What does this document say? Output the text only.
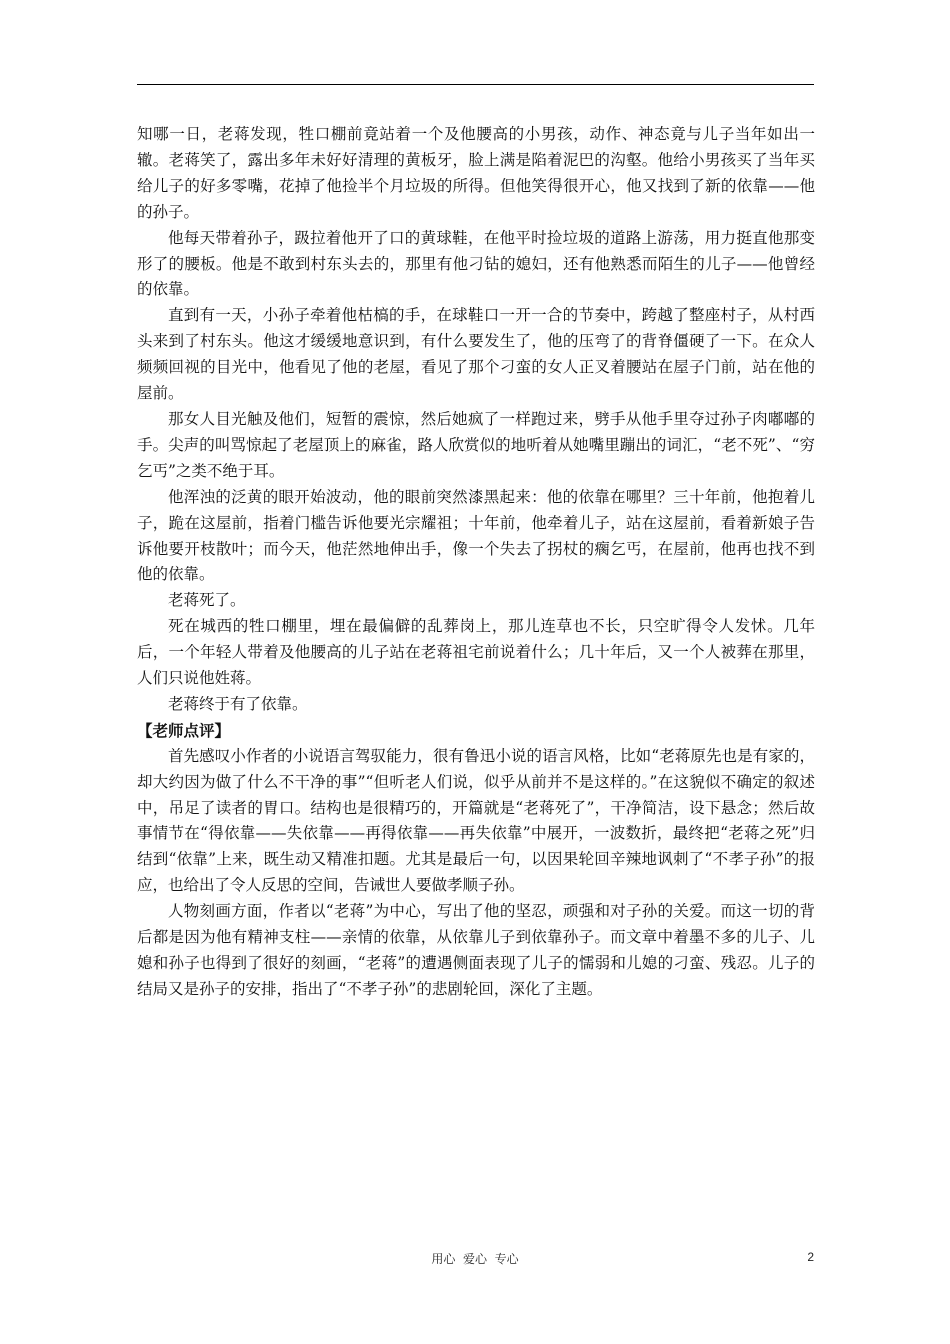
知哪一日，老蒋发现，牲口棚前竟站着一个及他腰高的小男孩，动作、神态竟与儿子当年如出一辙。老蒋笑了，露出多年未好好清理的黄板牙，脸上满是陷着泥巴的沟壑。他给小男孩买了当年买给儿子的好多零嘴，花掉了他捡半个月垃圾的所得。但他笑得很开心，他又找到了新的依靠——他的孙子。

他每天带着孙子，趿拉着他开了口的黄球鞋，在他平时捡垃圾的道路上游荡，用力挺直他那变形了的腰板。他是不敢到村东头去的，那里有他刁钻的媳妇，还有他熟悉而陌生的儿子——他曾经的依靠。

直到有一天，小孙子牵着他枯槁的手，在球鞋口一开一合的节奏中，跨越了整座村子，从村西头来到了村东头。他这才缓缓地意识到，有什么要发生了，他的压弯了的背脊僵硬了一下。在众人频频回视的目光中，他看见了他的老屋，看见了那个刁蛮的女人正叉着腰站在屋子门前，站在他的屋前。

那女人目光触及他们，短暂的震惊，然后她疯了一样跑过来，劈手从他手里夺过孙子肉嘟嘟的手。尖声的叫骂惊起了老屋顶上的麻雀，路人欣赏似的地听着从她嘴里蹦出的词汇，“老不死”、“穷乞丐”之类不绝于耳。

他浑浊的泛黄的眼开始波动，他的眼前突然漆黑起来：他的依靠在哪里？三十年前，他抱着儿子，跪在这屋前，指着门槛告诉他要光宗耀祖；十年前，他牵着儿子，站在这屋前，看着新娘子告诉他要开枝散叶；而今天，他茫然地伸出手，像一个失去了拐杖的瘸乞丐，在屋前，他再也找不到他的依靠。

老蒋死了。

死在城西的牲口棚里，埋在最偏僻的乱葬岗上，那儿连草也不长，只空旷得令人发怵。几年后，一个年轻人带着及他腰高的儿子站在老蒋祖宅前说着什么；几十年后，又一个人被葬在那里，人们只说他姓蒋。

老蒋终于有了依靠。

【老师点评】

首先感叹小作者的小说语言驾驭能力，很有鲁迅小说的语言风格，比如“老蒋原先也是有家的，却大约因为做了什么不干净的事”“但听老人们说，似乎从前并不是这样的。”在这貌似不确定的叙述中，吊足了读者的胃口。结构也是很精巧的，开篇就是“老蒋死了”，干净简洁，设下悬念；然后故事情节在“得依靠——失依靠——再得依靠——再失依靠”中展开，一波数折，最终把“老蒋之死”归结到“依靠”上来，既生动又精准扣题。尤其是最后一句，以因果轮回辛辣地讽刺了“不孝子孙”的报应，也给出了令人反思的空间，告诫世人要做孝顺子孙。

人物刻画方面，作者以“老蒋”为中心，写出了他的坚忍，顽强和对子孙的关爱。而这一切的背后都是因为他有精神支柱——亲情的依靠，从依靠儿子到依靠孙子。而文章中着墨不多的儿子、儿媳和孙子也得到了很好的刻画，“老蒋”的遭遇侧面表现了儿子的懦弱和儿媳的刁蛮、残忍。儿子的结局又是孙子的安排，指出了“不孝子孙”的悲剧轮回，深化了主题。

用心  爱心  专心	2
